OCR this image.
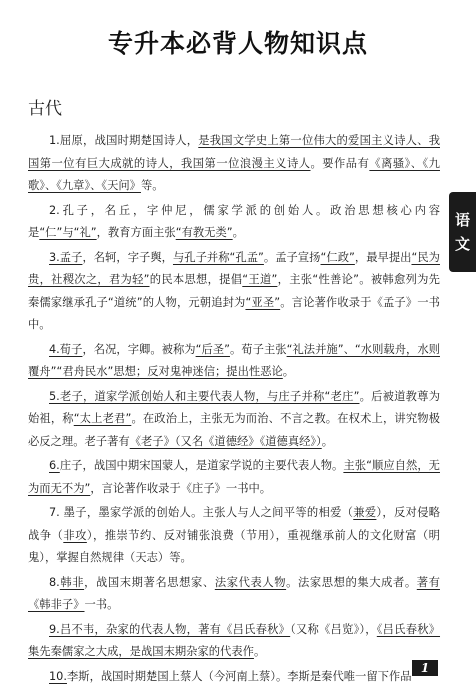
专升本必背人物知识点
古代

1.屈原，战国时期楚国诗人，是我国文学史上第一位伟大的爱国主义诗人、我国第一位有巨大成就的诗人，我国第一位浪漫主义诗人。要作品有《离骚》、《九歌》、《九章》、《天问》等。

2.孔子，名丘，字仲尼，儒家学派的创始人。政治思想核心内容是“仁”与“礼”，教育方面主张“有教无类”。

3.孟子，名轲，字子舆，与孔子并称“孔孟”。孟子宣扬“仁政”，最早提出“民为贵，社稷次之，君为轻”的民本思想，提倡“王道”，主张“性善论”。被韩愈列为先秦儒家继承孔子“道统”的人物，元朝追封为“亚圣”。言论著作收录于《孟子》一书中。

4.荀子，名况，字卿。被称为“后圣”。荀子主张“礼法并施”、“水则载舟，水则覆舟”“君舟民水”思想；反对鬼神迷信；提出性恶论。

5.老子，道家学派创始人和主要代表人物，与庄子并称“老庄”。后被道教尊为始祖，称“太上老君”。在政治上，主张无为而治、不言之教。在权术上，讲究物极必反之理。老子著有《老子》（又名《道德经》《道德真经》）。

6.庄子，战国中期宋国蒙人，是道家学说的主要代表人物。主张“顺应自然，无为而无不为”，言论著作收录于《庄子》一书中。

7. 墨子，墨家学派的创始人。主张人与人之间平等的相爱（兼爱），反对侵略战争（非攻），推崇节约、反对铺张浪费（节用），重视继承前人的文化财富（明鬼），掌握自然规律（天志）等。

8.韩非，战国末期著名思想家、法家代表人物。法家思想的集大成者。著有《韩非子》一书。

9.吕不韦，杂家的代表人物，著有《吕氏春秋》（又称《吕览》），《吕氏春秋》集先秦儒家之大成，是战国末期杂家的代表作。

10.李斯，战国时期楚国上蔡人（今河南上蔡）。李斯是秦代唯一留下作品

语
文
1
